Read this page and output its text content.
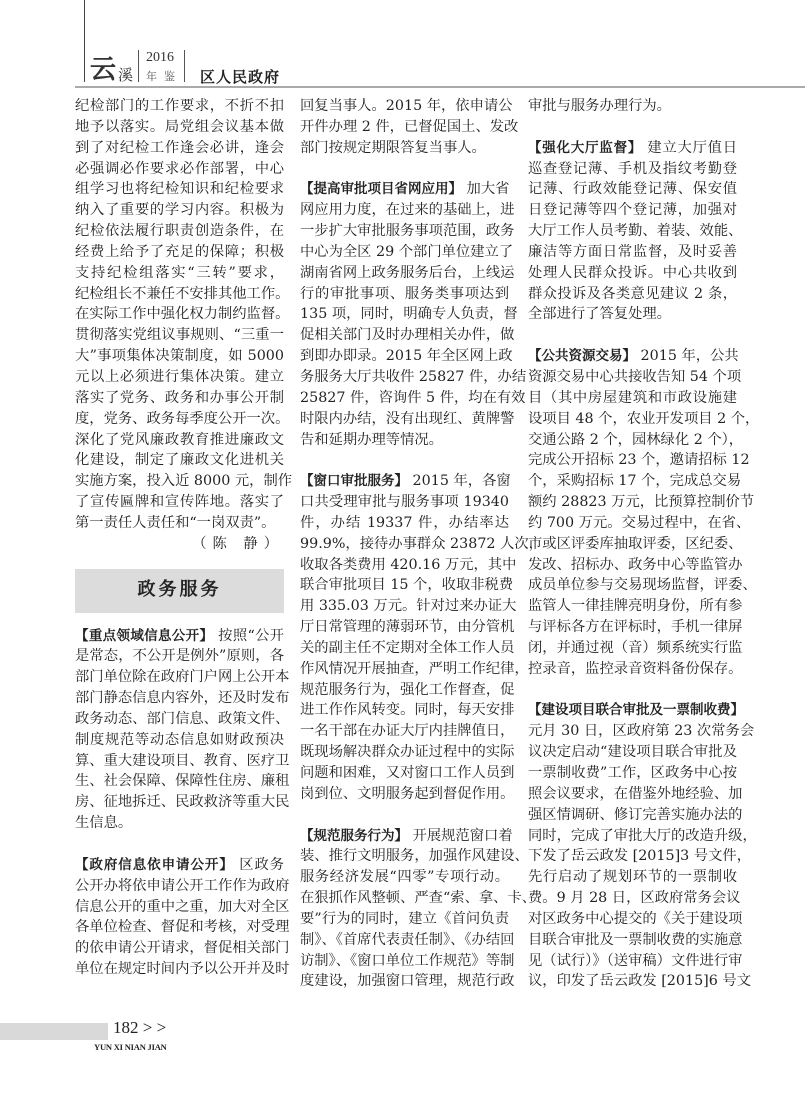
云 溪
2016
年鉴 区人民政府
纪检部门的工作要求，不折不扣
地予以落实。局党组会议基本做
到了对纪检工作逢会必讲，逢会
必强调必作要求必作部署，中心
组学习也将纪检知识和纪检要求
纳入了重要的学习内容。积极为
纪检依法履行职责创造条件，在
经费上给予了充足的保障；积极
支持纪检组落实“三转”要求，
纪检组长不兼任不安排其他工作。
在实际工作中强化权力制约监督。
贯彻落实党组议事规则、“三重一
大”事项集体决策制度，如 5000
元以上必须进行集体决策。建立
落实了党务、政务和办事公开制
度，党务、政务每季度公开一次。
深化了党风廉政教育推进廉政文
化建设，制定了廉政文化进机关
实施方案，投入近 8000 元，制作
了宣传匾牌和宣传阵地。落实了
第一责任人责任和“一岗双责”。
（陈 静）
政务服务
【重点领域信息公开】 按照“公开
是常态，不公开是例外”原则，各
部门单位除在政府门户网上公开本
部门静态信息内容外，还及时发布
政务动态、部门信息、政策文件、
制度规范等动态信息如财政预决
算、重大建设项目、教育、医疗卫
生、社会保障、保障性住房、廉租
房、征地拆迁、民政救济等重大民
生信息。
【政府信息依申请公开】 区政务
公开办将依申请公开工作作为政府
信息公开的重中之重，加大对全区
各单位检查、督促和考核，对受理
的依申请公开请求，督促相关部门
单位在规定时间内予以公开并及时
回复当事人。2015 年，依申请公
开件办理 2 件，已督促国土、发改
部门按规定期限答复当事人。
【提高审批项目省网应用】 加大省
网应用力度，在过来的基础上，进
一步扩大审批服务事项范围，政务
中心为全区 29 个部门单位建立了
湖南省网上政务服务后台，上线运
行的审批事项、服务类事项达到
135 项，同时，明确专人负责，督
促相关部门及时办理相关办件，做
到即办即录。2015 年全区网上政
务服务大厅共收件 25827 件，办结
25827 件，咨询件 5 件，均在有效
时限内办结，没有出现红、黄牌警
告和延期办理等情况。
【窗口审批服务】 2015 年，各窗
口共受理审批与服务事项 19340
件，办结 19337 件，办结率达
99.9%，接待办事群众 23872 人次，
收取各类费用 420.16 万元，其中
联合审批项目 15 个，收取非税费
用 335.03 万元。针对过来办证大
厅日常管理的薄弱环节，由分管机
关的副主任不定期对全体工作人员
作风情况开展抽查，严明工作纪律，
规范服务行为，强化工作督查，促
进工作作风转变。同时，每天安排
一名干部在办证大厅内挂牌值日，
既现场解决群众办证过程中的实际
问题和困难，又对窗口工作人员到
岗到位、文明服务起到督促作用。
【规范服务行为】 开展规范窗口着
装、推行文明服务，加强作风建设、
服务经济发展“四零”专项行动。
在狠抓作风整顿、严查“索、拿、卡、
要”行为的同时，建立《首问负责
制》、《首席代表责任制》、《办结回
访制》、《窗口单位工作规范》等制
度建设，加强窗口管理，规范行政
审批与服务办理行为。
【强化大厅监督】 建立大厅值日
巡查登记薄、手机及指纹考勤登
记薄、行政效能登记薄、保安值
日登记薄等四个登记薄，加强对
大厅工作人员考勤、着装、效能、
廉洁等方面日常监督，及时妥善
处理人民群众投诉。中心共收到
群众投诉及各类意见建议 2 条，
全部进行了答复处理。
【公共资源交易】 2015 年，公共
资源交易中心共接收告知 54 个项
目（其中房屋建筑和市政设施建
设项目 48 个，农业开发项目 2 个，
交通公路 2 个，园林绿化 2 个），
完成公开招标 23 个，邀请招标 12
个，采购招标 17 个，完成总交易
额约 28823 万元，比预算控制价节
约 700 万元。交易过程中，在省、
市或区评委库抽取评委，区纪委、
发改、招标办、政务中心等监管办
成员单位参与交易现场监督，评委、
监管人一律挂牌亮明身份，所有参
与评标各方在评标时，手机一律屏
闭，并通过视（音）频系统实行监
控录音，监控录音资料备份保存。
【建设项目联合审批及一票制收费】
元月 30 日，区政府第 23 次常务会
议决定启动“建设项目联合审批及
一票制收费”工作，区政务中心按
照会议要求，在借鉴外地经验、加
强区情调研、修订完善实施办法的
同时，完成了审批大厅的改造升级，
下发了岳云政发 [2015]3 号文件，
先行启动了规划环节的一票制收
费。9 月 28 日，区政府常务会议
对区政务中心提交的《关于建设项
目联合审批及一票制收费的实施意
见（试行）》（送审稿）文件进行审
议，印发了岳云政发 [2015]6 号文
182 > >
YUN XI NIAN JIAN
